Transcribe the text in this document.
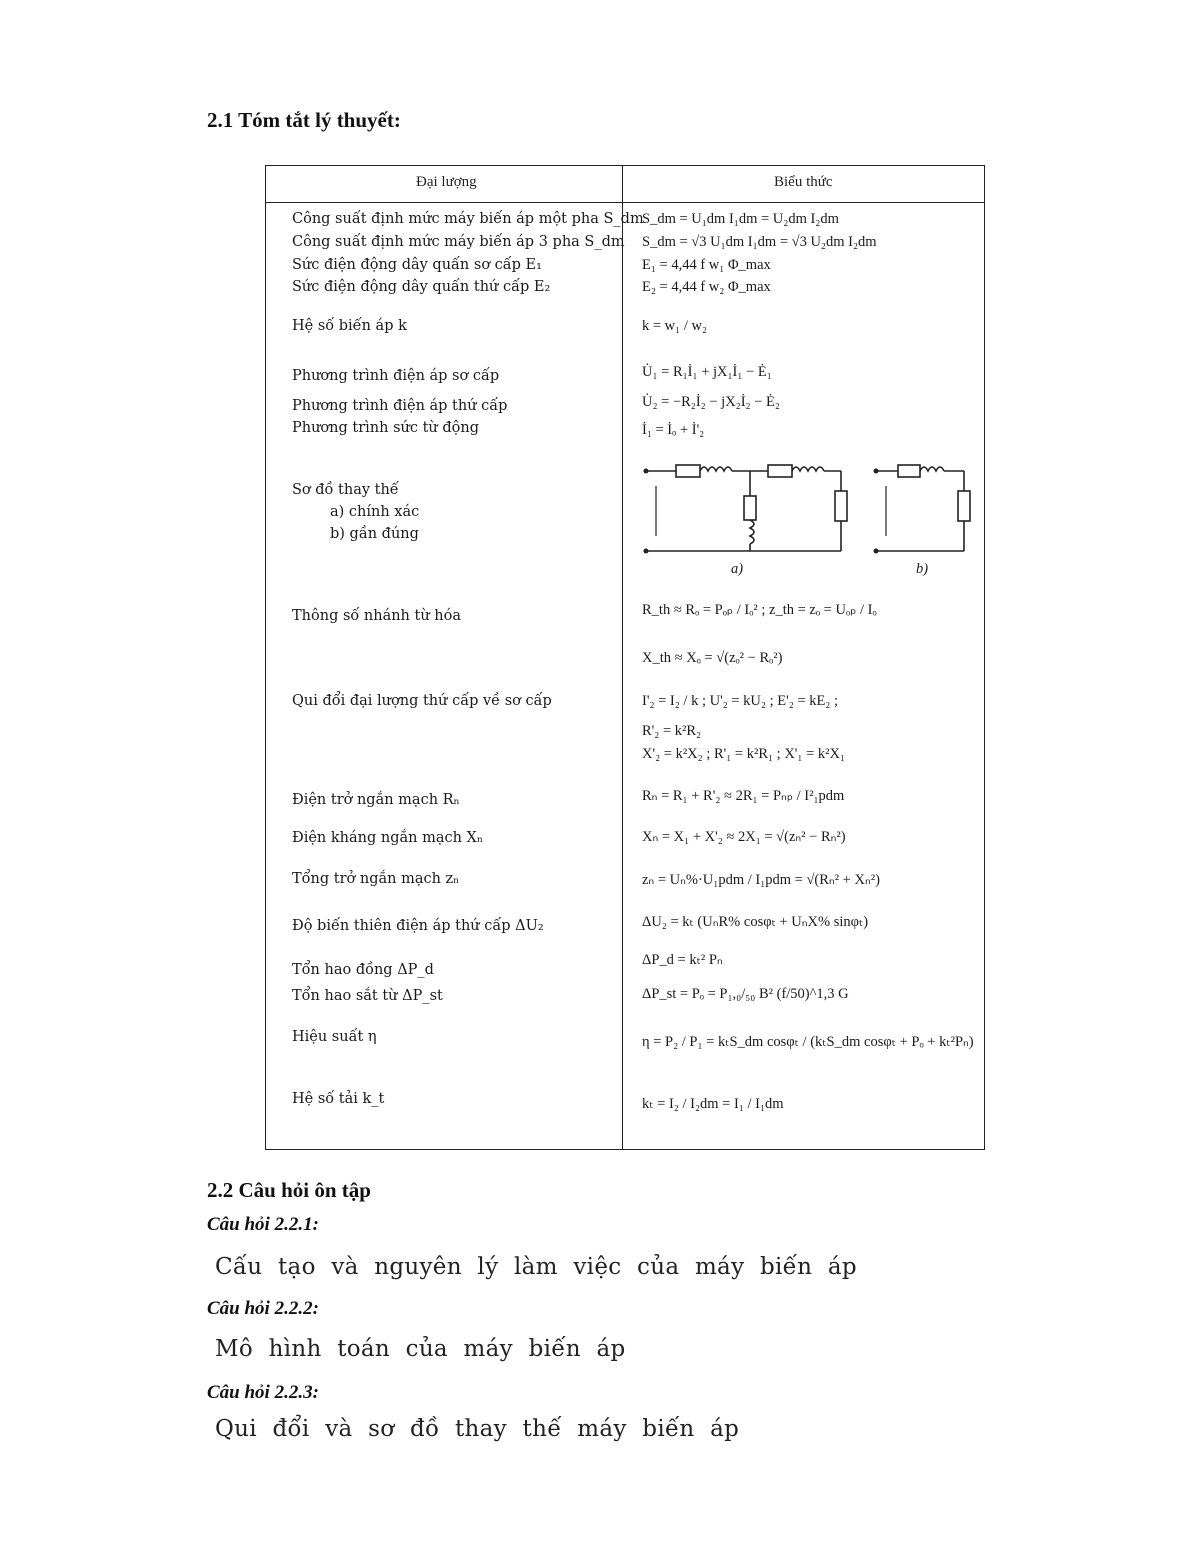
2.1 Tóm tắt lý thuyết:
Đại lượng	Biểu thức
Công suất định mức máy biến áp một pha S_dm
Công suất định mức máy biến áp 3 pha S_dm
Sức điện động dây quấn sơ cấp E₁
Sức điện động dây quấn thứ cấp E₂
Hệ số biến áp k
Phương trình điện áp sơ cấp
Phương trình điện áp thứ cấp
Phương trình sức từ động
Sơ đồ thay thế
a) chính xác
b) gần đúng
Thông số nhánh từ hóa
Qui đổi đại lượng thứ cấp về sơ cấp
Điện trở ngắn mạch Rₙ
Điện kháng ngắn mạch Xₙ
Tổng trở ngắn mạch zₙ
Độ biến thiên điện áp thứ cấp ΔU₂
Tổn hao đồng ΔP_d
Tổn hao sắt từ ΔP_st
Hiệu suất η
Hệ số tải k_t
S_dm = U₁dm I₁dm = U₂dm I₂dm
S_dm = √3 U₁dm I₁dm = √3 U₂dm I₂dm
E₁ = 4,44 f w₁ Φ_max
E₂ = 4,44 f w₂ Φ_max
k = w₁ / w₂
U̇₁ = R₁İ₁ + jX₁İ₁ − Ė₁
U̇₂ = −R₂İ₂ − jX₂İ₂ − Ė₂
İ₁ = İₒ + İ'₂
a)	b)
R_th ≈ Rₒ = Pₒₚ / Iₒ² ; z_th = zₒ = Uₒₚ / Iₒ
X_th ≈ Xₒ = √(zₒ² − Rₒ²)
I'₂ = I₂ / k ; U'₂ = kU₂ ; E'₂ = kE₂ ;
R'₂ = k²R₂
X'₂ = k²X₂ ; R'₁ = k²R₁ ; X'₁ = k²X₁
Rₙ = R₁ + R'₂ ≈ 2R₁ = Pₙₚ / I²₁pdm
Xₙ = X₁ + X'₂ ≈ 2X₁ = √(zₙ² − Rₙ²)
zₙ = Uₙ%·U₁pdm / I₁pdm = √(Rₙ² + Xₙ²)
ΔU₂ = kₜ (UₙR% cosφₜ + UₙX% sinφₜ)
ΔP_d = kₜ² Pₙ
ΔP_st = Pₒ = P₁,₀/₅₀ B² (f/50)^1,3 G
η = P₂ / P₁ = kₜS_dm cosφₜ / (kₜS_dm cosφₜ + Pₒ + kₜ²Pₙ)
kₜ = I₂ / I₂dm = I₁ / I₁dm
2.2 Câu hỏi ôn tập
Câu hỏi 2.2.1:
Cấu tạo và nguyên lý làm việc của máy biến áp
Câu hỏi 2.2.2:
Mô hình toán của máy biến áp
Câu hỏi 2.2.3:
Qui đổi và sơ đồ thay thế máy biến áp
